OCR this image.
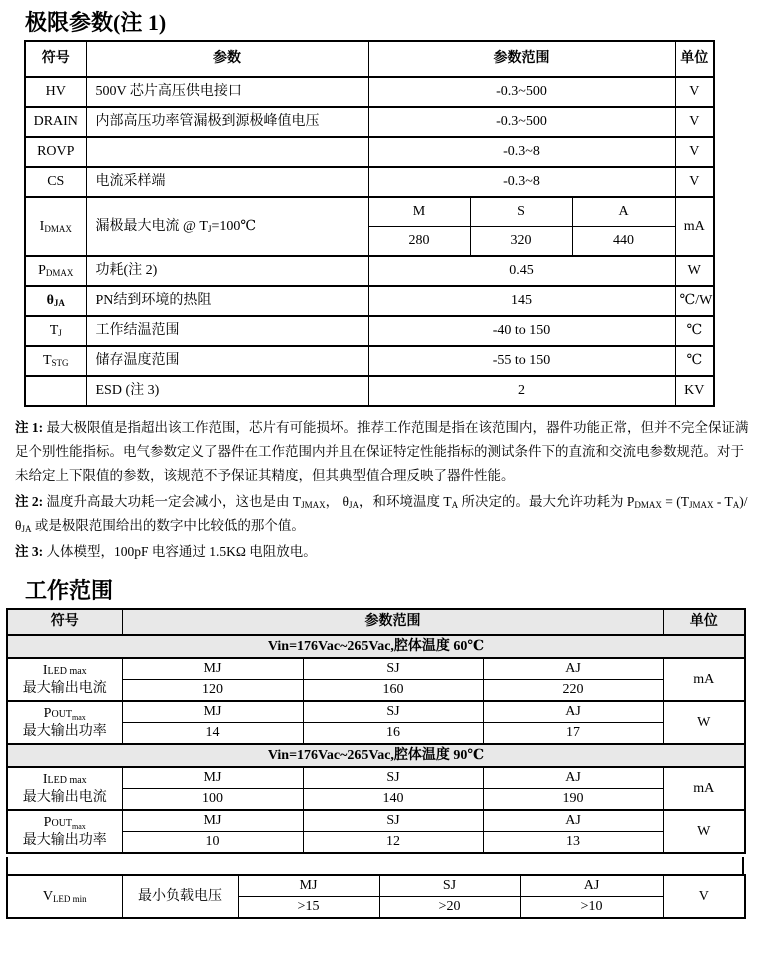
极限参数(注 1)
符号	参数	参数范围			单位
HV	500V 芯片高压供电接口	-0.3~500			V
DRAIN	内部高压功率管漏极到源极峰值电压	-0.3~500			V
ROVP		-0.3~8			V
CS	电流采样端	-0.3~8			V
$I_{DMAX}$	漏极最大电流 @ $T_J=100℃$	M	S	A	mA
		280	320	440	
$P_{DMAX}$	功耗(注 2)	0.45			W
$\theta_{JA}$	PN结到环境的热阻	145			℃/W
$T_J$	工作结温范围	-40 to 150			℃
$T_{STG}$	储存温度范围	-55 to 150			℃
	ESD (注 3)	2			KV

注 1: 最大极限值是指超出该工作范围，芯片有可能损坏。推荐工作范围是指在该范围内，器件功能正常，但并不完全保证满足个别性能指标。电气参数定义了器件在工作范围内并且在保证特定性能指标的测试条件下的直流和交流电参数规范。对于未给定上下限值的参数，该规范不予保证其精度，但其典型值合理反映了器件性能。

注 2: 温度升高最大功耗一定会减小，这也是由 $T_{JMAX}$， $\theta_{JA}$，和环境温度 $T_A$ 所决定的。最大允许功耗为 $P_{DMAX} = (T_{JMAX} - T_A)/$ $\theta_{JA}$ 或是极限范围给出的数字中比较低的那个值。

注 3: 人体模型，100pF 电容通过 1.5KΩ 电阻放电。

工作范围
符号	参数范围			单位
Vin=176Vac~265Vac,腔体温度 60℃				

ILED max
最大输出电流	MJ	SJ	AJ	mA
	120	160	220	

$POUT_{max}$
最大输出功率	MJ	SJ	AJ	W
	14	16	17	
Vin=176Vac~265Vac,腔体温度 90℃				

ILED max
最大输出电流	MJ	SJ	AJ	mA
	100	140	190	

$POUT_{max}$
最大输出功率	MJ	SJ	AJ	W
	10	12	13	
$V_{LED min}$	最小负载电压	MJ	SJ	AJ	V
		>15	>20	>10	
